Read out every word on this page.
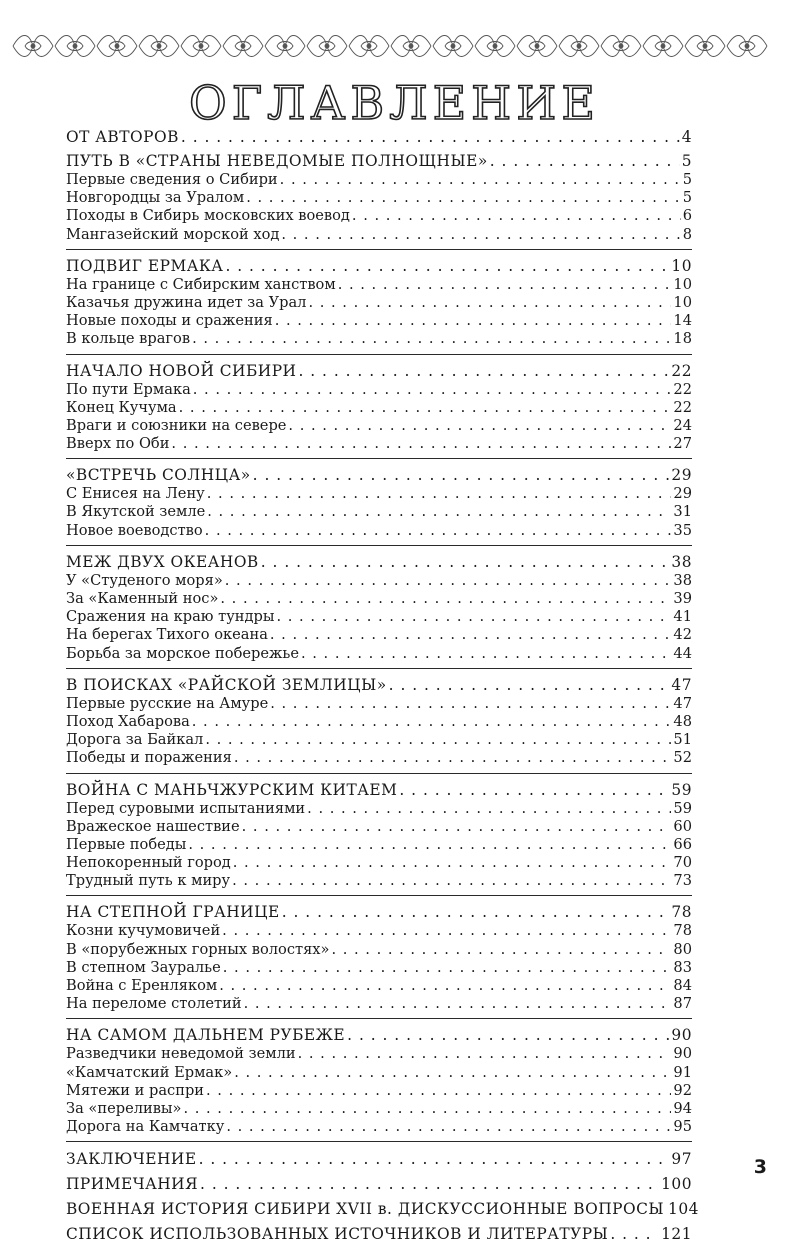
ОГЛАВЛЕНИЕ
ОТ АВТОРОВ . . .	4
ПУТЬ В «СТРАНЫ НЕВЕДОМЫЕ ПОЛНОЩНЫЕ» . . .	5
Первые сведения о Сибири . . .	5
Новгородцы за Уралом . . .	5
Походы в Сибирь московских воевод . . .	6
Мангазейский морской ход . . .	8
ПОДВИГ ЕРМАКА . . .	10
На границе с Сибирским ханством . . .	10
Казачья дружина идет за Урал . . .	10
Новые походы и сражения . . .	14
В кольце врагов . . .	18
НАЧАЛО НОВОЙ СИБИРИ . . .	22
По пути Ермака . . .	22
Конец Кучума . . .	22
Враги и союзники на севере . . .	24
Вверх по Оби . . .	27
«ВСТРЕЧЬ СОЛНЦА» . . .	29
С Енисея на Лену . . .	29
В Якутской земле . . .	31
Новое воеводство . . .	35
МЕЖ ДВУХ ОКЕАНОВ . . .	38
У «Студеного моря» . . .	38
За «Каменный нос» . . .	39
Сражения на краю тундры . . .	41
На берегах Тихого океана . . .	42
Борьба за морское побережье . . .	44
В ПОИСКАХ «РАЙСКОЙ ЗЕМЛИЦЫ» . . .	47
Первые русские на Амуре . . .	47
Поход Хабарова . . .	48
Дорога за Байкал . . .	51
Победы и поражения . . .	52
ВОЙНА С МАНЬЧЖУРСКИМ КИТАЕМ . . .	59
Перед суровыми испытаниями . . .	59
Вражеское нашествие . . .	60
Первые победы . . .	66
Непокоренный город . . .	70
Трудный путь к миру . . .	73
НА СТЕПНОЙ ГРАНИЦЕ . . .	78
Козни кучумовичей . . .	78
В «порубежных горных волостях» . . .	80
В степном Зауралье . . .	83
Война с Еренляком . . .	84
На переломе столетий . . .	87
НА САМОМ ДАЛЬНЕМ РУБЕЖЕ . . .	90
Разведчики неведомой земли . . .	90
«Камчатский Ермак» . . .	91
Мятежи и распри . . .	92
За «переливы» . . .	94
Дорога на Камчатку . . .	95
ЗАКЛЮЧЕНИЕ . . .	97
ПРИМЕЧАНИЯ . . .	100
ВОЕННАЯ ИСТОРИЯ СИБИРИ XVII в. ДИСКУССИОННЫЕ ВОПРОСЫ 104
СПИСОК ИСПОЛЬЗОВАННЫХ ИСТОЧНИКОВ И ЛИТЕРАТУРЫ . . .	121
3
